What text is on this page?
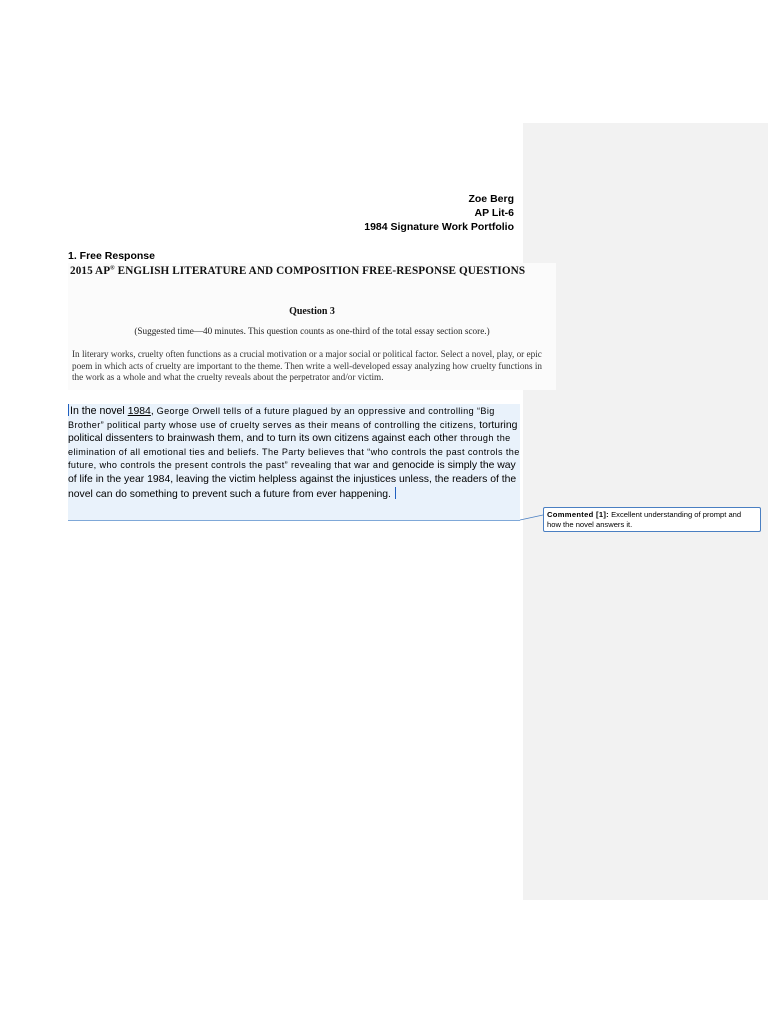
Zoe Berg
AP Lit-6
1984 Signature Work Portfolio
1. Free Response
2015 AP® ENGLISH LITERATURE AND COMPOSITION FREE-RESPONSE QUESTIONS
Question 3
(Suggested time—40 minutes. This question counts as one-third of the total essay section score.)
In literary works, cruelty often functions as a crucial motivation or a major social or political factor. Select a novel, play, or epic poem in which acts of cruelty are important to the theme. Then write a well-developed essay analyzing how cruelty functions in the work as a whole and what the cruelty reveals about the perpetrator and/or victim.
In the novel 1984, George Orwell tells of a future plagued by an oppressive and controlling “Big Brother” political party whose use of cruelty serves as their means of controlling the citizens, torturing political dissenters to brainwash them, and to turn its own citizens against each other through the elimination of all emotional ties and beliefs. The Party believes that “who controls the past controls the future, who controls the present controls the past” revealing that war and genocide is simply the way of life in the year 1984, leaving the victim helpless against the injustices unless, the readers of the novel can do something to prevent such a future from ever happening.
Commented [1]: Excellent understanding of prompt and how the novel answers it.
